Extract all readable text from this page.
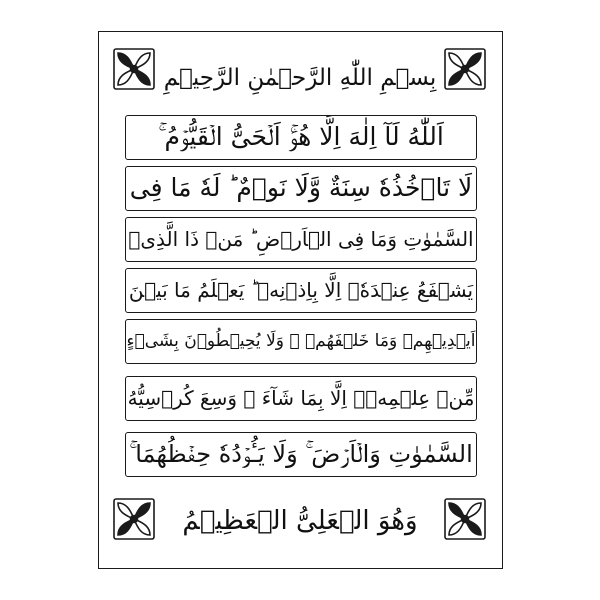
بِسۡمِ اللّٰهِ الرَّحۡمٰنِ الرَّحِيۡمِ
اَللّٰهُ لَآ اِلٰهَ اِلَّا هُوَۚ اَلۡحَىُّ الۡقَيُّوۡمُ ۚ
لَا تَاۡخُذُهٗ سِنَةٌ وَّلَا نَوۡمٌ ؕ لَهٗ مَا فِى
السَّمٰوٰتِ وَمَا فِى الۡاَرۡضِ ؕ مَنۡ ذَا الَّذِىۡ
يَشۡفَعُ عِنۡدَهٗۤ اِلَّا بِاِذۡنِهٖ ؕ يَعۡلَمُ مَا بَيۡنَ
اَيۡدِيۡهِمۡ وَمَا خَلۡفَهُمۡ ۚ وَلَا يُحِيۡطُوۡنَ بِشَىۡءٍ
مِّنۡ عِلۡمِهٖۤ اِلَّا بِمَا شَآءَ ۚ وَسِعَ كُرۡسِيُّهُ
السَّمٰوٰتِ وَالۡاَرۡضَ ۚ وَلَا يَـُٔوۡدُهٗ حِفۡظُهُمَا ۚ
وَهُوَ الۡعَلِىُّ الۡعَظِيۡمُ
